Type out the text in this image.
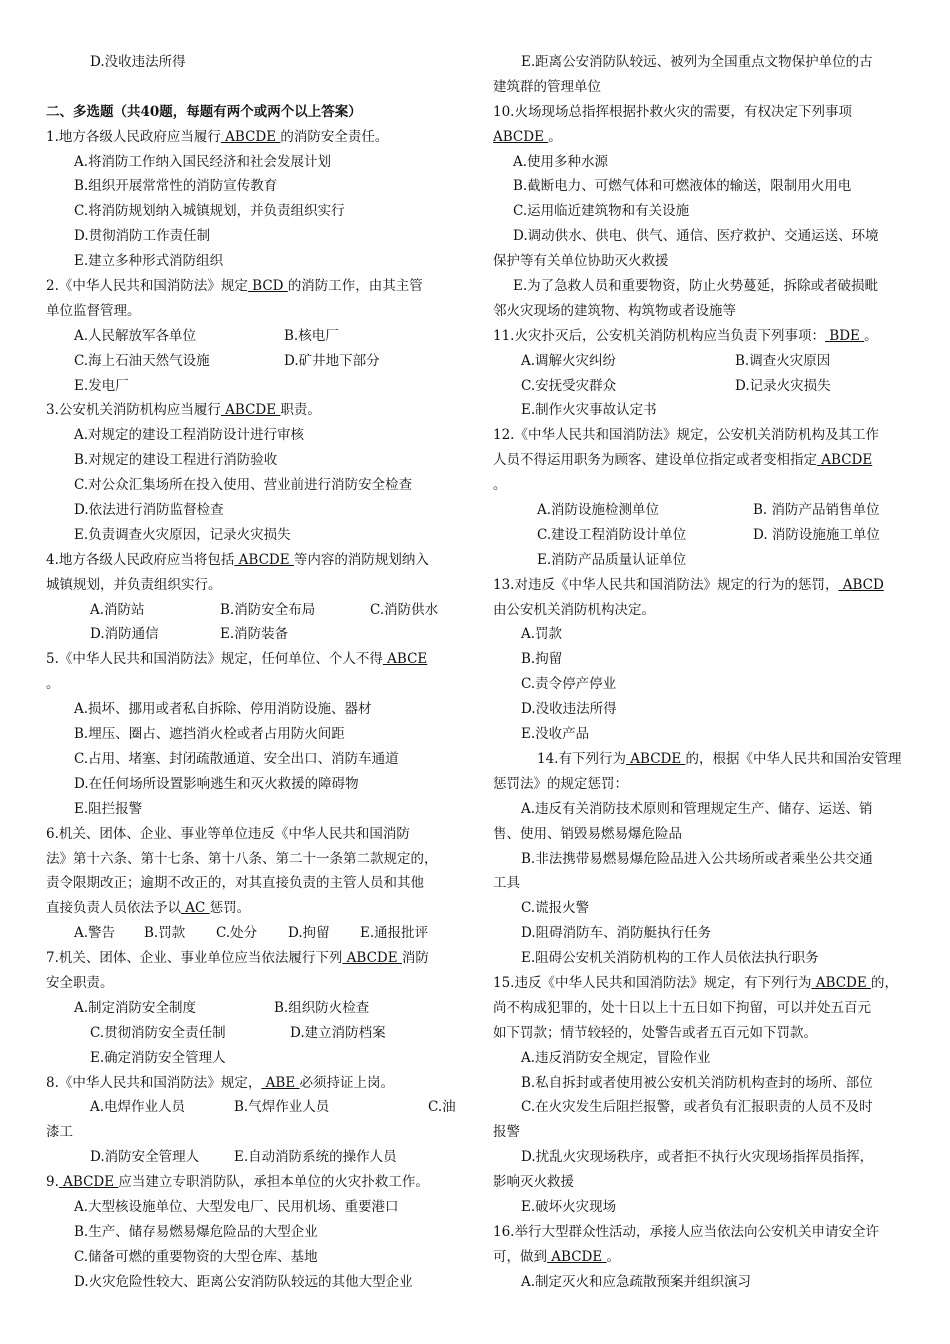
D.没收违法所得
二、多选题（共40题，每题有两个或两个以上答案）
1.地方各级人民政府应当履行 ABCDE 的消防安全责任。
A.将消防工作纳入国民经济和社会发展计划
B.组织开展常常性的消防宣传教育
C.将消防规划纳入城镇规划，并负责组织实行
D.贯彻消防工作责任制
E.建立多种形式消防组织
2.《中华人民共和国消防法》规定 BCD 的消防工作，由其主管
单位监督管理。
A.人民解放军各单位	B.核电厂
C.海上石油天然气设施	D.矿井地下部分
E.发电厂
3.公安机关消防机构应当履行 ABCDE 职责。
A.对规定的建设工程消防设计进行审核
B.对规定的建设工程进行消防验收
C.对公众汇集场所在投入使用、营业前进行消防安全检查
D.依法进行消防监督检查
E.负责调查火灾原因，记录火灾损失
4.地方各级人民政府应当将包括 ABCDE 等内容的消防规划纳入
城镇规划，并负责组织实行。
A.消防站	B.消防安全布局	C.消防供水
D.消防通信	E.消防装备
5.《中华人民共和国消防法》规定，任何单位、个人不得 ABCE
。
A.损坏、挪用或者私自拆除、停用消防设施、器材
B.埋压、圈占、遮挡消火栓或者占用防火间距
C.占用、堵塞、封闭疏散通道、安全出口、消防车通道
D.在任何场所设置影响逃生和灭火救援的障碍物
E.阻拦报警
6.机关、团体、企业、事业等单位违反《中华人民共和国消防
法》第十六条、第十七条、第十八条、第二十一条第二款规定的，
责令限期改正；逾期不改正的，对其直接负责的主管人员和其他
直接负责人员依法予以 AC 惩罚。
A.警告 B.罚款 C.处分 D.拘留 E.通报批评
7.机关、团体、企业、事业单位应当依法履行下列 ABCDE 消防
安全职责。
A.制定消防安全制度	B.组织防火检查
C.贯彻消防安全责任制	D.建立消防档案
E.确定消防安全管理人
8.《中华人民共和国消防法》规定， ABE 必须持证上岗。
A.电焊作业人员	B.气焊作业人员	C.油
漆工
D.消防安全管理人	E.自动消防系统的操作人员
9. ABCDE 应当建立专职消防队，承担本单位的火灾扑救工作。
A.大型核设施单位、大型发电厂、民用机场、重要港口
B.生产、储存易燃易爆危险品的大型企业
C.储备可燃的重要物资的大型仓库、基地
D.火灾危险性较大、距离公安消防队较远的其他大型企业
E.距离公安消防队较远、被列为全国重点文物保护单位的古
建筑群的管理单位
10.火场现场总指挥根据扑救火灾的需要，有权决定下列事项
ABCDE 。
A.使用多种水源
B.截断电力、可燃气体和可燃液体的输送，限制用火用电
C.运用临近建筑物和有关设施
D.调动供水、供电、供气、通信、医疗救护、交通运送、环境
保护等有关单位协助灭火救援
E.为了急救人员和重要物资，防止火势蔓延，拆除或者破损毗
邻火灾现场的建筑物、构筑物或者设施等
11.火灾扑灭后，公安机关消防机构应当负责下列事项： BDE 。
A.调解火灾纠纷	B.调查火灾原因
C.安抚受灾群众	D.记录火灾损失
E.制作火灾事故认定书
12.《中华人民共和国消防法》规定，公安机关消防机构及其工作
人员不得运用职务为顾客、建设单位指定或者变相指定 ABCDE
。
A.消防设施检测单位	B. 消防产品销售单位
C.建设工程消防设计单位	D. 消防设施施工单位
E.消防产品质量认证单位
13.对违反《中华人民共和国消防法》规定的行为的惩罚， ABCD
由公安机关消防机构决定。
A.罚款
B.拘留
C.责令停产停业
D.没收违法所得
E.没收产品
14.有下列行为 ABCDE 的，根据《中华人民共和国治安管理
惩罚法》的规定惩罚：
A.违反有关消防技术原则和管理规定生产、储存、运送、销
售、使用、销毁易燃易爆危险品
B.非法携带易燃易爆危险品进入公共场所或者乘坐公共交通
工具
C.谎报火警
D.阻碍消防车、消防艇执行任务
E.阻碍公安机关消防机构的工作人员依法执行职务
15.违反《中华人民共和国消防法》规定，有下列行为 ABCDE 的，
尚不构成犯罪的，处十日以上十五日如下拘留，可以并处五百元
如下罚款；情节较轻的，处警告或者五百元如下罚款。
A.违反消防安全规定，冒险作业
B.私自拆封或者使用被公安机关消防机构查封的场所、部位
C.在火灾发生后阻拦报警，或者负有汇报职责的人员不及时
报警
D.扰乱火灾现场秩序，或者拒不执行火灾现场指挥员指挥，
影响灭火救援
E.破坏火灾现场
16.举行大型群众性活动，承接人应当依法向公安机关申请安全许
可，做到 ABCDE 。
A.制定灭火和应急疏散预案并组织演习
